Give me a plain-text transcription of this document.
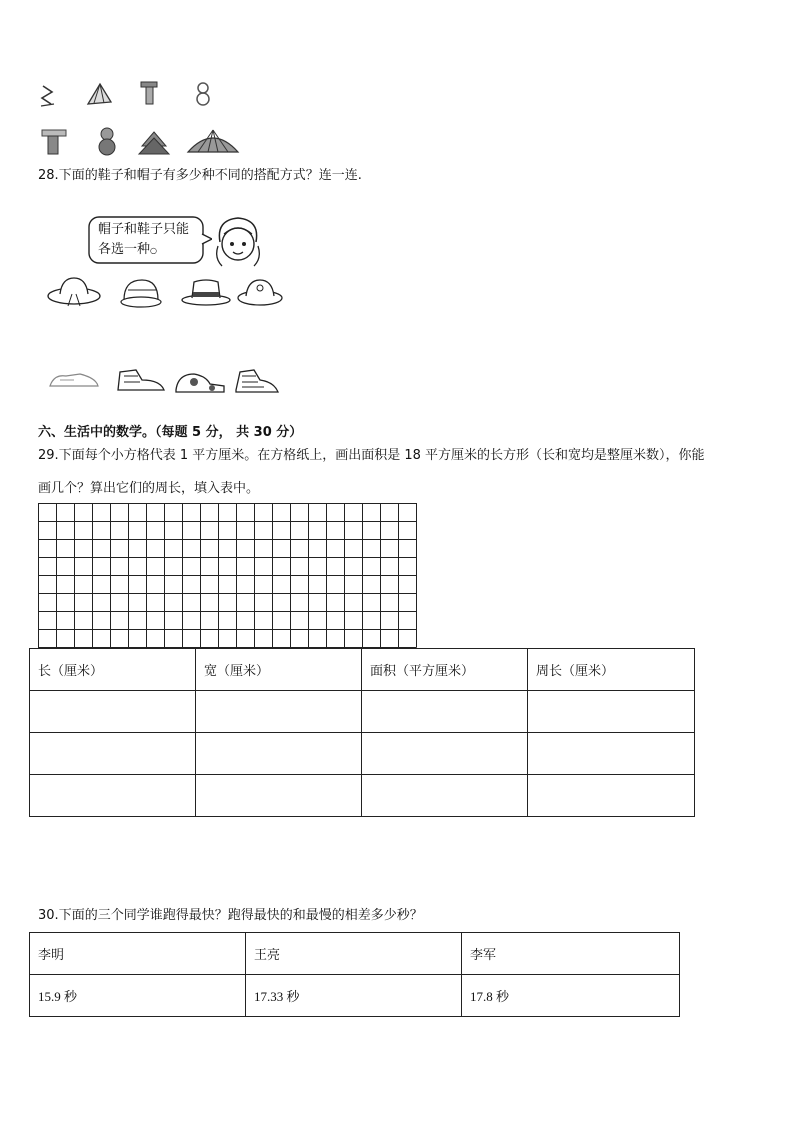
28.下面的鞋子和帽子有多少种不同的搭配方式？连一连.
帽子和鞋子只能
各选一种○
六、生活中的数学。（每题 5 分， 共 30 分）
29.下面每个小方格代表 1 平方厘米。在方格纸上，画出面积是 18 平方厘米的长方形（长和宽均是整厘米数），你能
画几个？算出它们的周长，填入表中。
长（厘米）	宽（厘米）	面积（平方厘米）	周长（厘米）

30.下面的三个同学谁跑得最快？跑得最快的和最慢的相差多少秒？
李明	王亮	李军
15.9 秒	17.33 秒	17.8 秒
